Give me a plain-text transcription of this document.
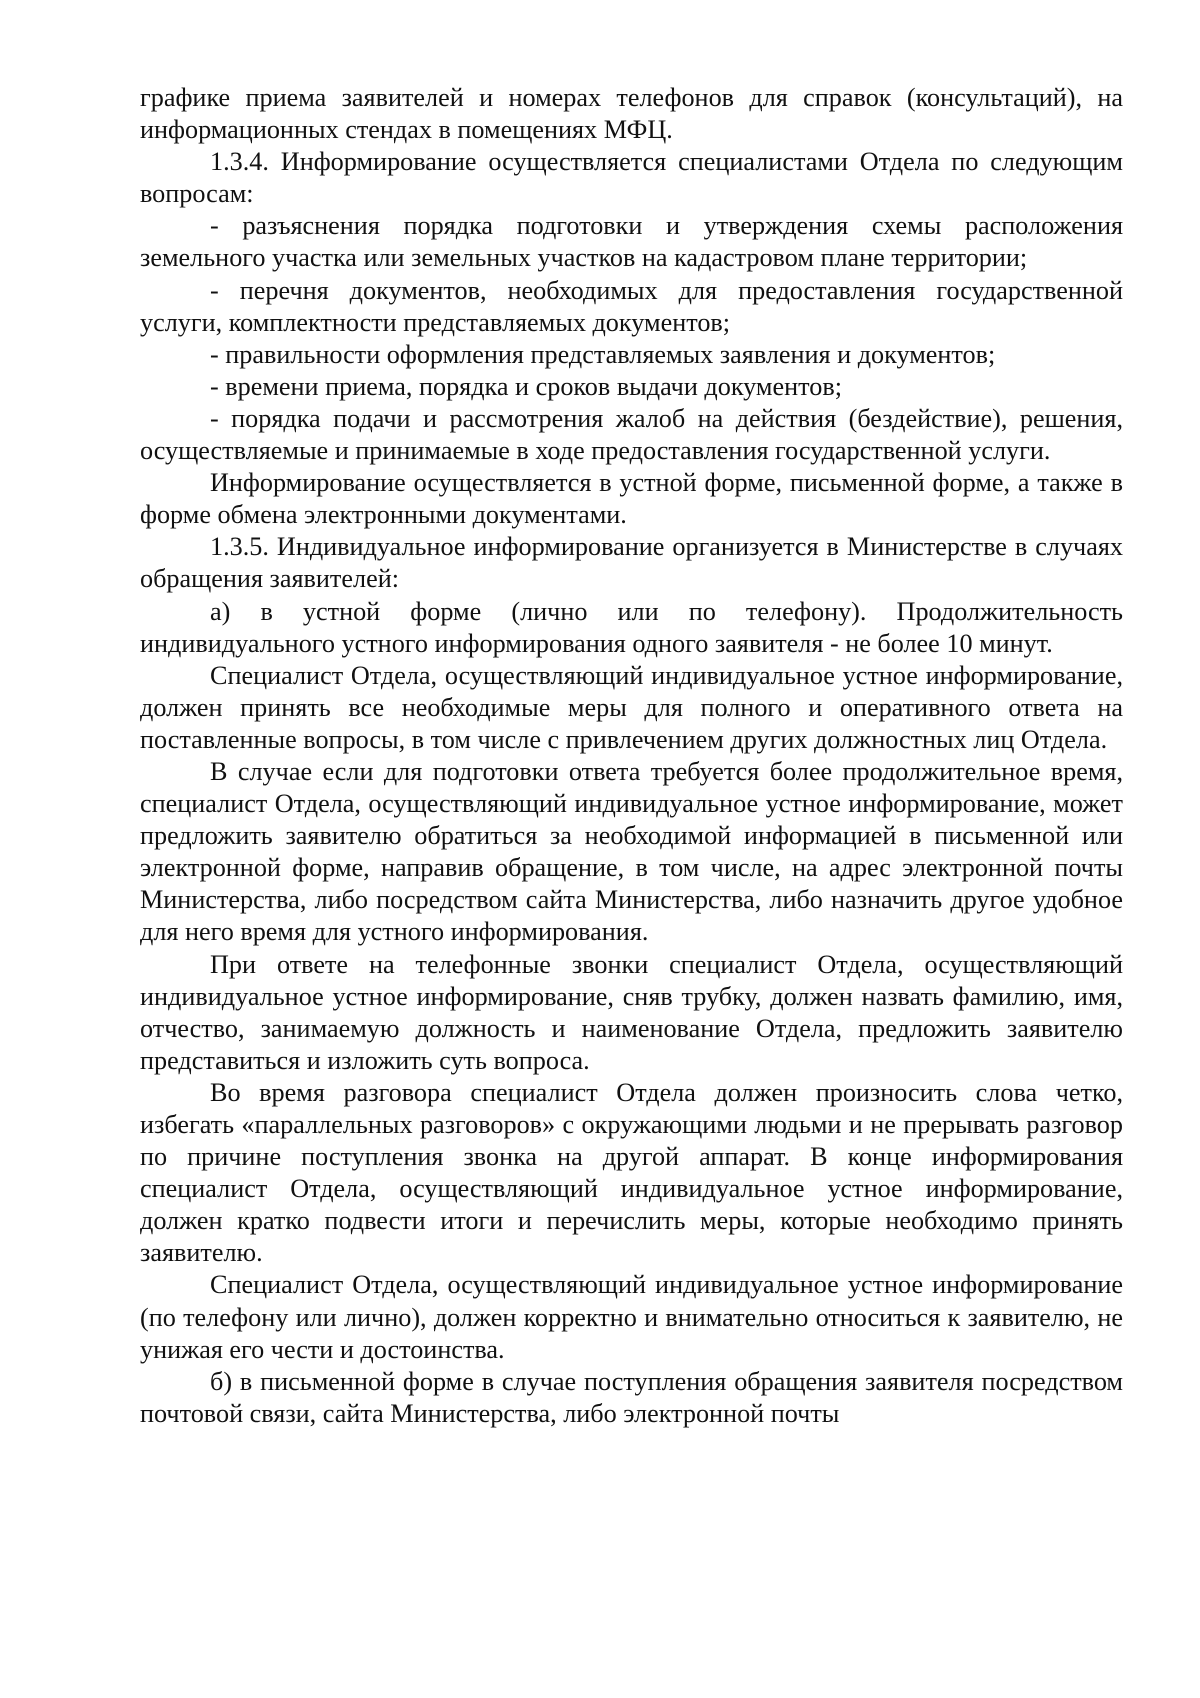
графике приема заявителей и номерах телефонов для справок (консультаций), на информационных стендах в помещениях МФЦ.

1.3.4. Информирование осуществляется специалистами Отдела по следующим вопросам:

- разъяснения порядка подготовки и утверждения схемы расположения земельного участка или земельных участков на кадастровом плане территории;

- перечня документов, необходимых для предоставления государственной услуги, комплектности представляемых документов;

- правильности оформления представляемых заявления и документов;

- времени приема, порядка и сроков выдачи документов;

- порядка подачи и рассмотрения жалоб на действия (бездействие), решения, осуществляемые и принимаемые в ходе предоставления государственной услуги.

Информирование осуществляется в устной форме, письменной форме, а также в форме обмена электронными документами.

1.3.5. Индивидуальное информирование организуется в Министерстве в случаях обращения заявителей:

а) в устной форме (лично или по телефону). Продолжительность индивидуального устного информирования одного заявителя - не более 10 минут.

Специалист Отдела, осуществляющий индивидуальное устное информирование, должен принять все необходимые меры для полного и оперативного ответа на поставленные вопросы, в том числе с привлечением других должностных лиц Отдела.

В случае если для подготовки ответа требуется более продолжительное время, специалист Отдела, осуществляющий индивидуальное устное информирование, может предложить заявителю обратиться за необходимой информацией в письменной или электронной форме, направив обращение, в том числе, на адрес электронной почты Министерства, либо посредством сайта Министерства, либо назначить другое удобное для него время для устного информирования.

При ответе на телефонные звонки специалист Отдела, осуществляющий индивидуальное устное информирование, сняв трубку, должен назвать фамилию, имя, отчество, занимаемую должность и наименование Отдела, предложить заявителю представиться и изложить суть вопроса.

Во время разговора специалист Отдела должен произносить слова четко, избегать «параллельных разговоров» с окружающими людьми и не прерывать разговор по причине поступления звонка на другой аппарат. В конце информирования специалист Отдела, осуществляющий индивидуальное устное информирование, должен кратко подвести итоги и перечислить меры, которые необходимо принять заявителю.

Специалист Отдела, осуществляющий индивидуальное устное информирование (по телефону или лично), должен корректно и внимательно относиться к заявителю, не унижая его чести и достоинства.

б) в письменной форме в случае поступления обращения заявителя посредством почтовой связи, сайта Министерства, либо электронной почты
